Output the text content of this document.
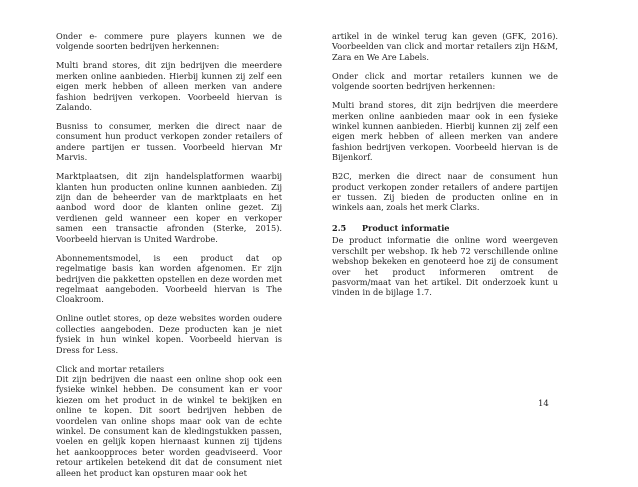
Onder e- commere pure players kunnen we de volgende soorten bedrijven herkennen:

Multi brand stores, dit zijn bedrijven die meerdere merken online aanbieden. Hierbij kunnen zij zelf een eigen merk hebben of alleen merken van andere fashion bedrijven verkopen. Voorbeeld hiervan is Zalando.

Busniss to consumer, merken die direct naar de consument hun product verkopen zonder retailers of andere partijen er tussen. Voorbeeld hiervan Mr Marvis.

Marktplaatsen, dit zijn handelsplatformen waarbij klanten hun producten online kunnen aanbieden. Zij zijn dan de beheerder van de marktplaats en het aanbod word door de klanten online gezet. Zij verdienen geld wanneer een koper en verkoper samen een transactie afronden (Sterke, 2015). Voorbeeld hiervan is United Wardrobe.

Abonnementsmodel, is een product dat op regelmatige basis kan worden afgenomen. Er zijn bedrijven die pakketten opstellen en deze worden met regelmaat aangeboden. Voorbeeld hiervan is The Cloakroom.

Online outlet stores, op deze websites worden oudere collecties aangeboden. Deze producten kan je niet fysiek in hun winkel kopen. Voorbeeld hiervan is Dress for Less.

Click and mortar retailers

Dit zijn bedrijven die naast een online shop ook een fysieke winkel hebben. De consument kan er voor kiezen om het product in de winkel te bekijken en online te kopen. Dit soort bedrijven hebben de voordelen van online shops maar ook van de echte winkel. De consument kan de kledingstukken passen, voelen en gelijk kopen hiernaast kunnen zij tijdens het aankoopproces beter worden geadviseerd. Voor retour artikelen betekend dit dat de consument niet alleen het product kan opsturen maar ook het

artikel in de winkel terug kan geven (GFK, 2016). Voorbeelden van click and mortar retailers zijn H&M, Zara en We Are Labels.

Onder click and mortar retailers kunnen we de volgende soorten bedrijven herkennen:

Multi brand stores, dit zijn bedrijven die meerdere merken online aanbieden maar ook in een fysieke winkel kunnen aanbieden. Hierbij kunnen zij zelf een eigen merk hebben of alleen merken van andere fashion bedrijven verkopen. Voorbeeld hiervan is de Bijenkorf.

B2C, merken die direct naar de consument hun product verkopen zonder retailers of andere partijen er tussen. Zij bieden de producten online en in winkels aan, zoals het merk Clarks.

2.5 Product informatie

De product informatie die online word weergeven verschilt per webshop. Ik heb 72 verschillende online webshop bekeken en genoteerd hoe zij de consument over het product informeren omtrent de pasvorm/maat van het artikel. Dit onderzoek kunt u vinden in de bijlage 1.7.

14
